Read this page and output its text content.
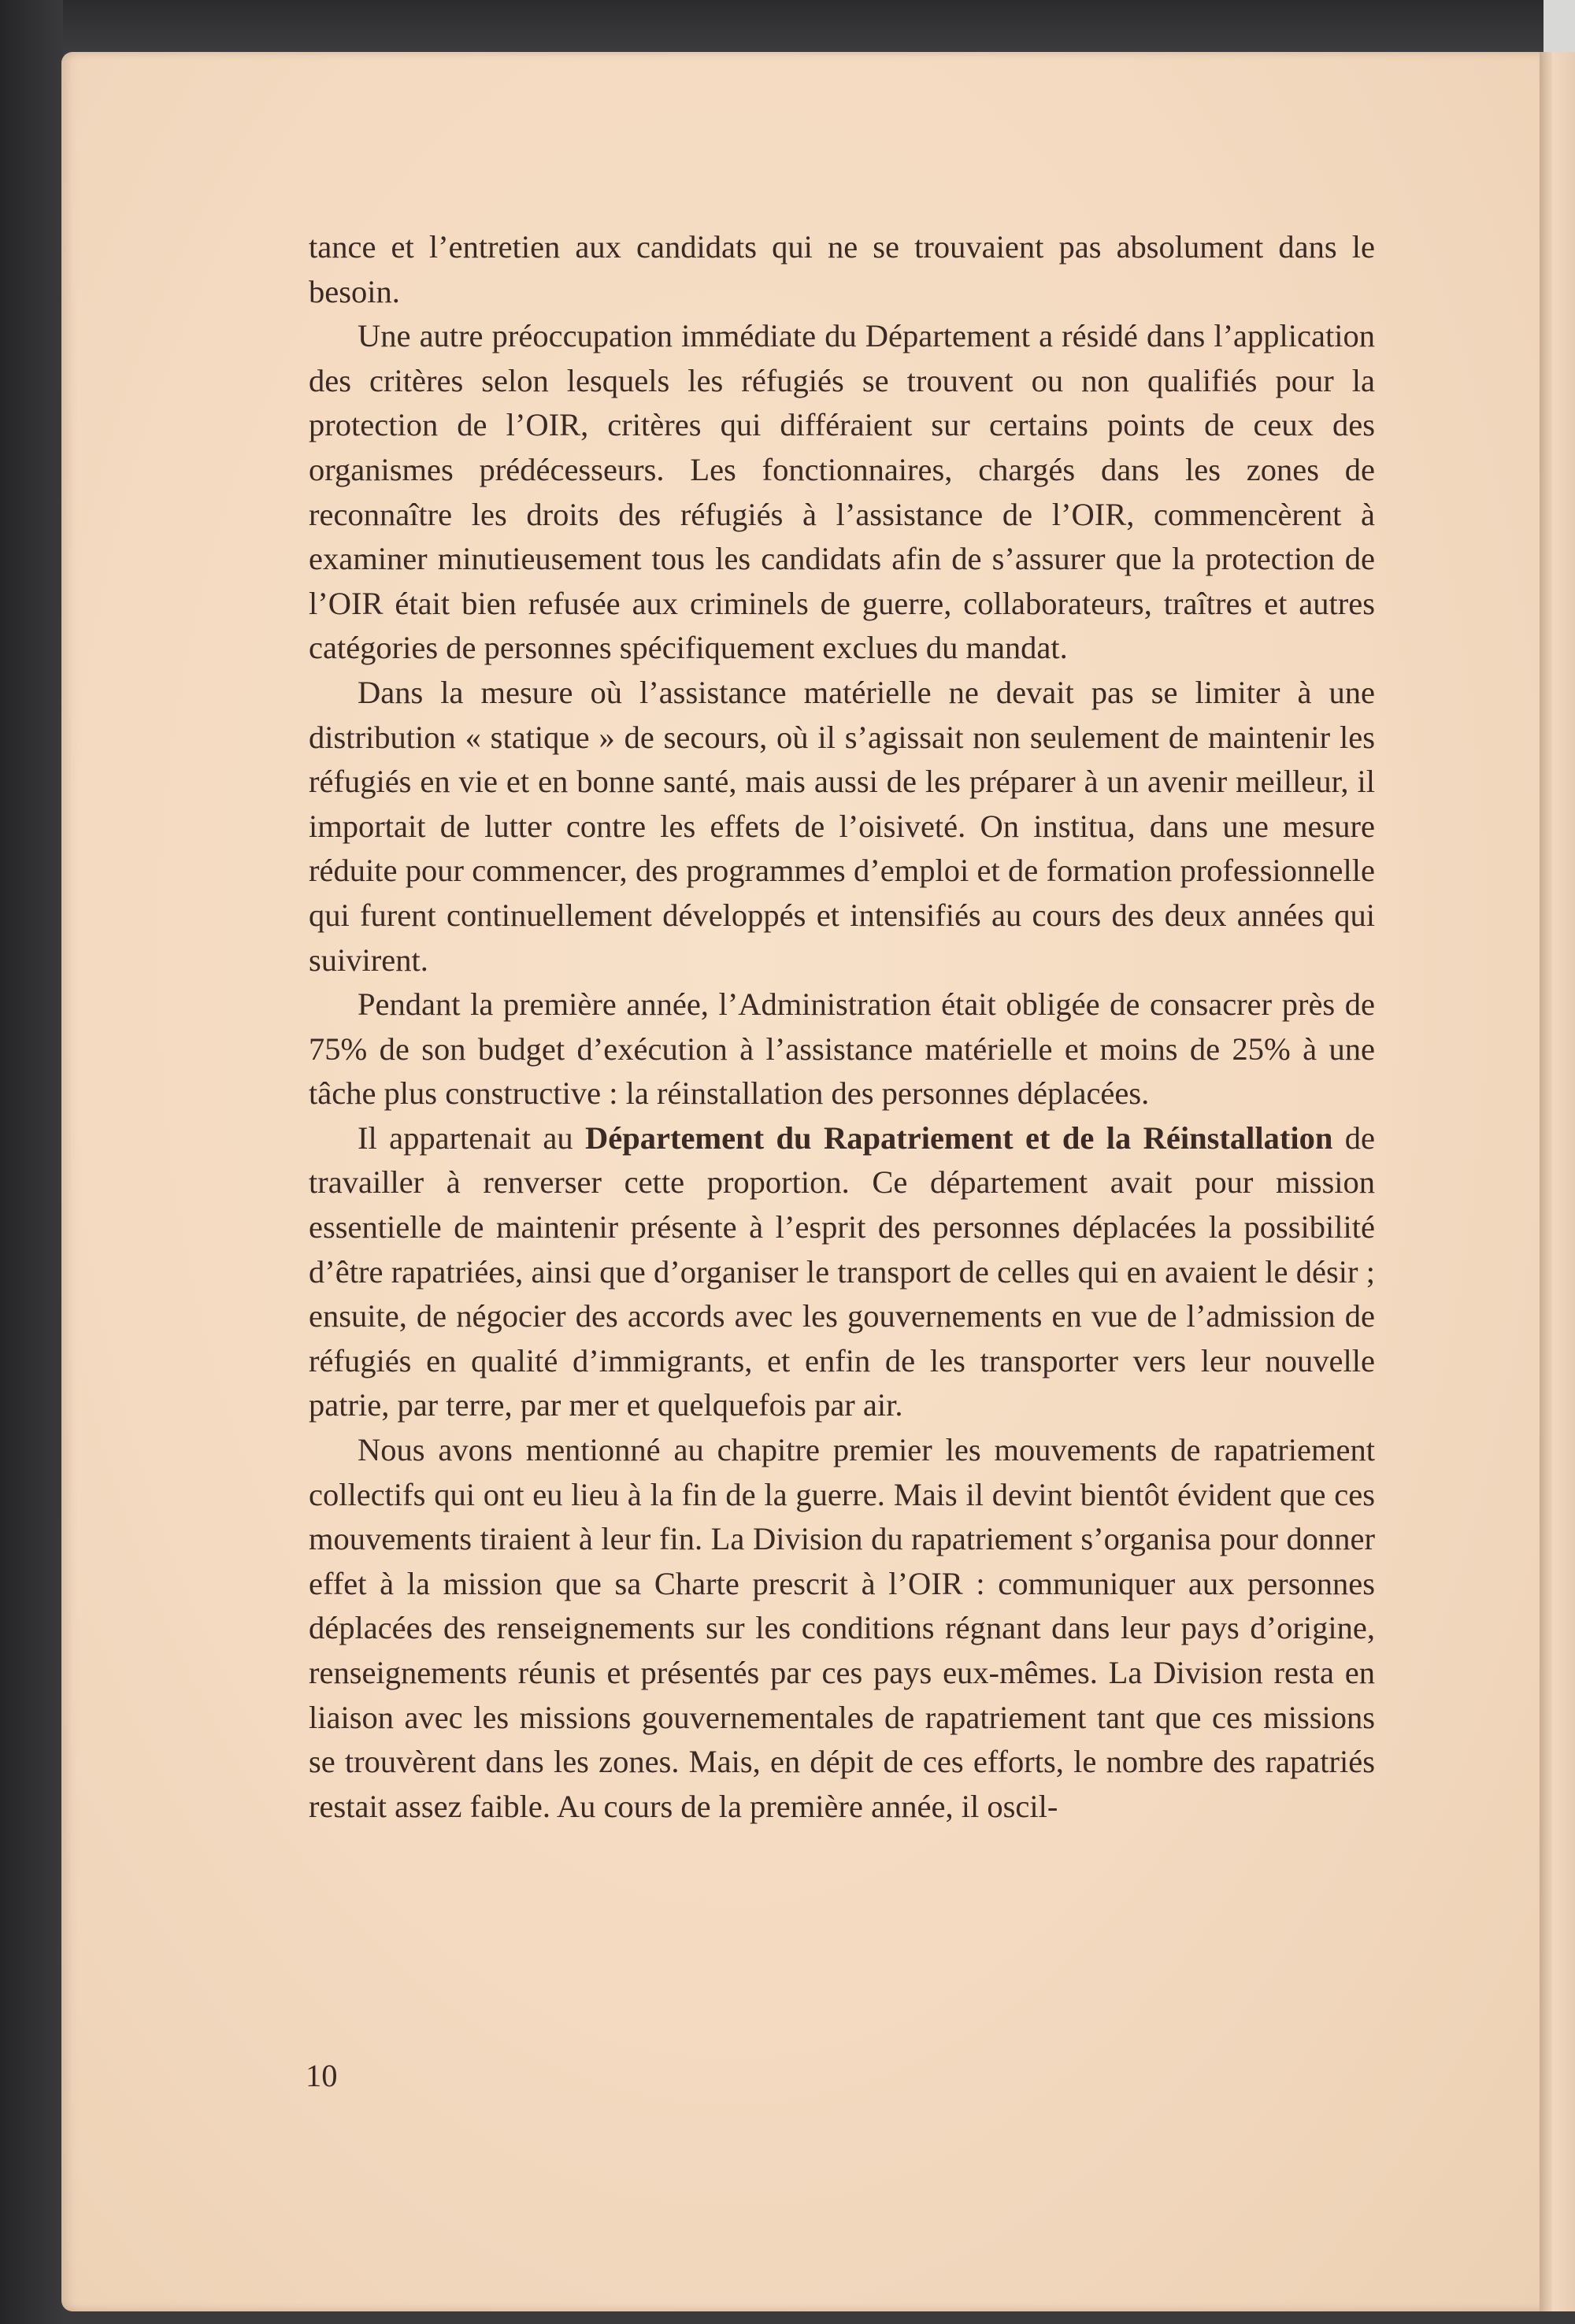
tance et l’entretien aux candidats qui ne se trouvaient pas absolument dans le besoin.

Une autre préoccupation immédiate du Département a résidé dans l’application des critères selon lesquels les réfugiés se trouvent ou non qualifiés pour la protection de l’OIR, critères qui différaient sur certains points de ceux des organismes prédécesseurs. Les fonctionnaires, chargés dans les zones de reconnaître les droits des réfugiés à l’assistance de l’OIR, commencèrent à examiner minutieusement tous les candidats afin de s’assurer que la protection de l’OIR était bien refusée aux criminels de guerre, collaborateurs, traîtres et autres catégories de personnes spécifiquement exclues du mandat.

Dans la mesure où l’assistance matérielle ne devait pas se limiter à une distribution « statique » de secours, où il s’agissait non seulement de maintenir les réfugiés en vie et en bonne santé, mais aussi de les préparer à un avenir meilleur, il importait de lutter contre les effets de l’oisiveté. On institua, dans une mesure réduite pour commencer, des programmes d’emploi et de formation professionnelle qui furent continuellement développés et intensifiés au cours des deux années qui suivirent.

Pendant la première année, l’Administration était obligée de consacrer près de 75% de son budget d’exécution à l’assistance matérielle et moins de 25% à une tâche plus constructive : la réinstallation des personnes déplacées.

Il appartenait au Département du Rapatriement et de la Réinstallation de travailler à renverser cette proportion. Ce département avait pour mission essentielle de maintenir présente à l’esprit des personnes déplacées la possibilité d’être rapatriées, ainsi que d’organiser le transport de celles qui en avaient le désir ; ensuite, de négocier des accords avec les gouvernements en vue de l’admission de réfugiés en qualité d’immigrants, et enfin de les transporter vers leur nouvelle patrie, par terre, par mer et quelquefois par air.

Nous avons mentionné au chapitre premier les mouvements de rapatriement collectifs qui ont eu lieu à la fin de la guerre. Mais il devint bientôt évident que ces mouvements tiraient à leur fin. La Division du rapatriement s’organisa pour donner effet à la mission que sa Charte prescrit à l’OIR : communiquer aux personnes déplacées des renseignements sur les conditions régnant dans leur pays d’origine, renseignements réunis et présentés par ces pays eux-mêmes. La Division resta en liaison avec les missions gouvernementales de rapatriement tant que ces missions se trouvèrent dans les zones. Mais, en dépit de ces efforts, le nombre des rapatriés restait assez faible. Au cours de la première année, il oscil-

10
